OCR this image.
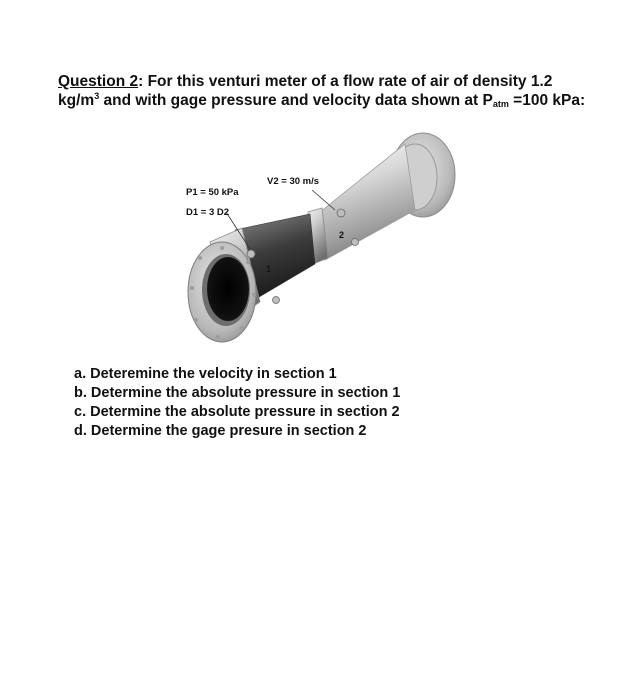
Question 2: For this venturi meter of a flow rate of air of density 1.2
$kg/m^3$ and with gage pressure and velocity data shown at $P_{atm} =100$ kPa:
P1 = 50 kPa
D1 = 3 D2
V2 = 30 m/s
1
2
a. Deteremine the velocity in section 1
b. Determine the absolute pressure in section 1
c. Determine the absolute pressure in section 2
d. Determine the gage presure in section 2
